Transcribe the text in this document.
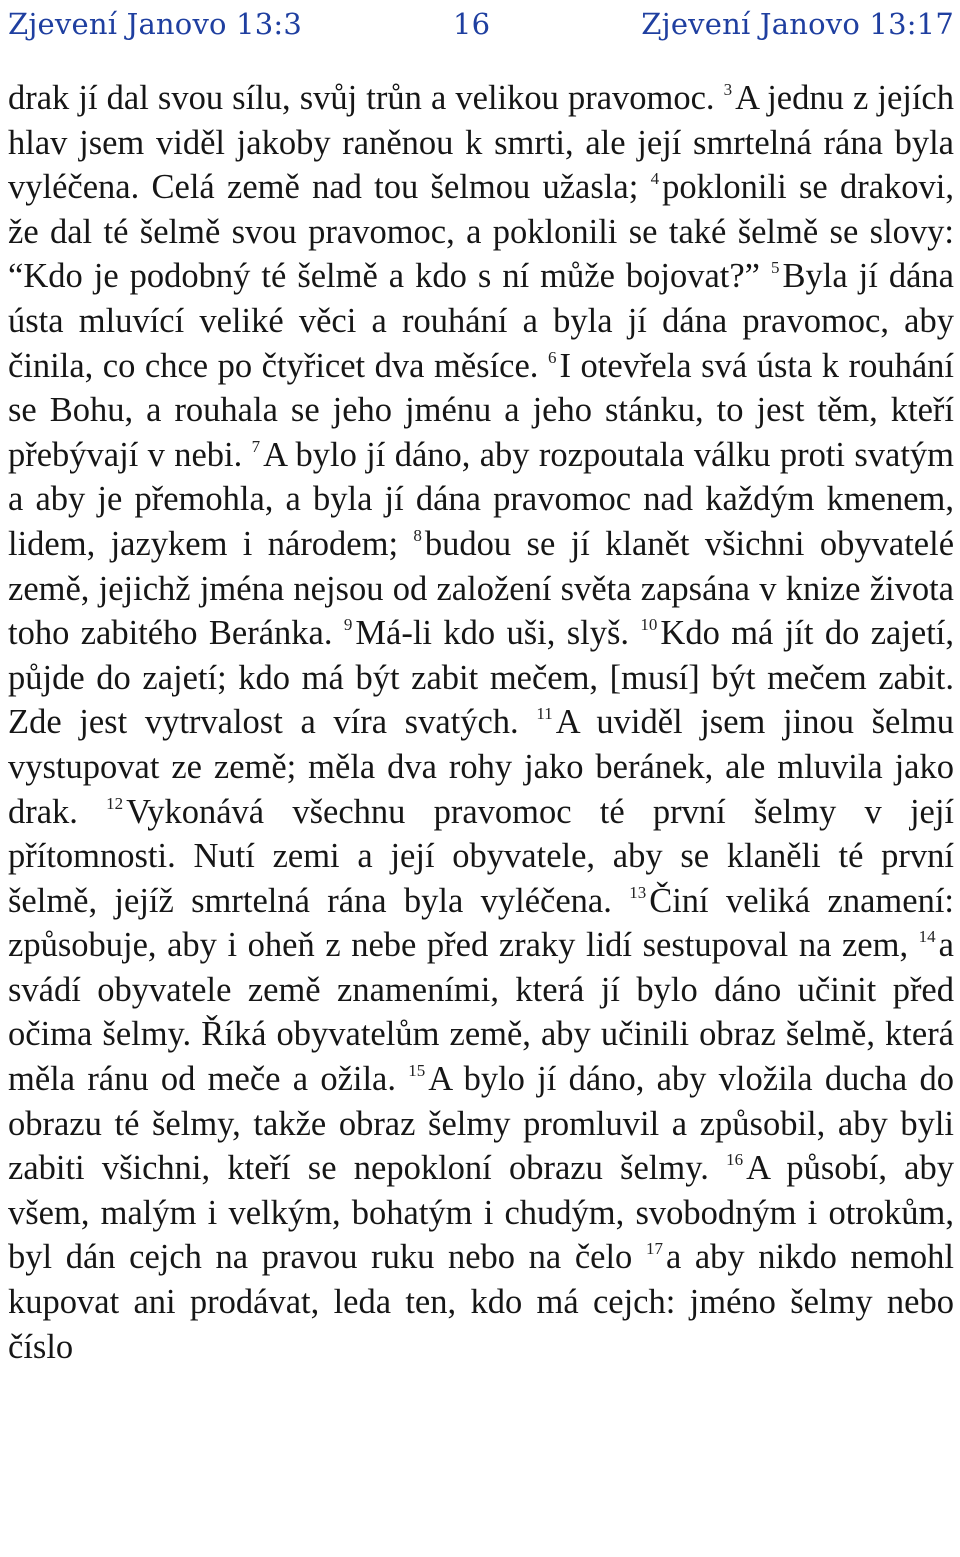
Zjevení Janovo 13:3	16	Zjevení Janovo 13:17

drak jí dal svou sílu, svůj trůn a velikou pravomoc. $^3$A jednu z jejích hlav jsem viděl jakoby raněnou k smrti, ale její smrtelná rána byla vyléčena. Celá země nad tou šelmou užasla; $^4$poklonili se drakovi, že dal té šelmě svou pravomoc, a poklonili se také šelmě se slovy: “Kdo je podobný té šelmě a kdo s ní může bojovat?” $^5$Byla jí dána ústa mluvící veliké věci a rouhání a byla jí dána pravomoc, aby činila, co chce po čtyřicet dva měsíce. $^6$I otevřela svá ústa k rouhání se Bohu, a rouhala se jeho jménu a jeho stánku, to jest těm, kteří přebývají v nebi. $^7$A bylo jí dáno, aby rozpoutala válku proti svatým a aby je přemohla, a byla jí dána pravomoc nad každým kmenem, lidem, jazykem i národem; $^8$budou se jí klanět všichni obyvatelé země, jejichž jména nejsou od založení světa zapsána v knize života toho zabitého Beránka. $^9$Má-li kdo uši, slyš. $^{10}$Kdo má jít do zajetí, půjde do zajetí; kdo má být zabit mečem, [musí] být mečem zabit. Zde jest vytrvalost a víra svatých. $^{11}$A uviděl jsem jinou šelmu vystupovat ze země; měla dva rohy jako beránek, ale mluvila jako drak. $^{12}$Vykonává všechnu pravomoc té první šelmy v její přítomnosti. Nutí zemi a její obyvatele, aby se klaněli té první šelmě, jejíž smrtelná rána byla vyléčena. $^{13}$Činí veliká znamení: způsobuje, aby i oheň z nebe před zraky lidí sestupoval na zem, $^{14}$a svádí obyvatele země znameními, která jí bylo dáno učinit před očima šelmy. Říká obyvatelům země, aby učinili obraz šelmě, která měla ránu od meče a ožila. $^{15}$A bylo jí dáno, aby vložila ducha do obrazu té šelmy, takže obraz šelmy promluvil a způsobil, aby byli zabiti všichni, kteří se nepokloní obrazu šelmy. $^{16}$A působí, aby všem, malým i velkým, bohatým i chudým, svobodným i otrokům, byl dán cejch na pravou ruku nebo na čelo $^{17}$a aby nikdo nemohl kupovat ani prodávat, leda ten, kdo má cejch: jméno šelmy nebo číslo
